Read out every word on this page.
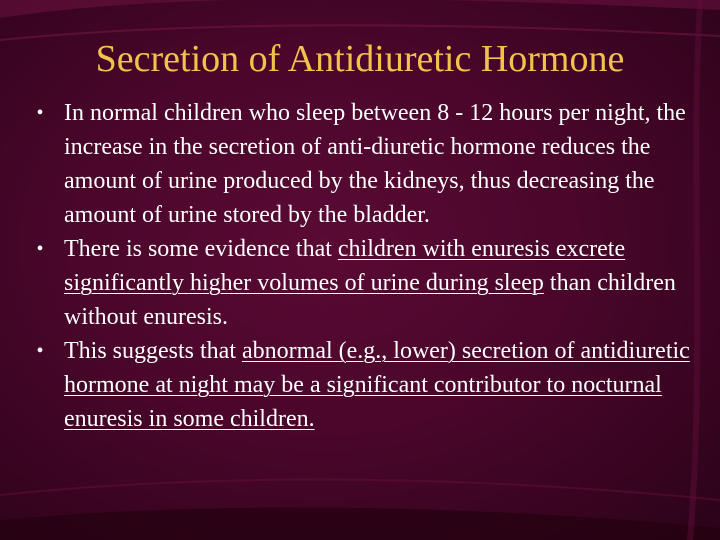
Secretion of Antidiuretic Hormone
• In normal children who sleep between 8 - 12 hours per night, the increase in the secretion of anti-diuretic hormone reduces the amount of urine produced by the kidneys, thus decreasing the amount of urine stored by the bladder.
• There is some evidence that children with enuresis excrete significantly higher volumes of urine during sleep than children without enuresis.
• This suggests that abnormal (e.g., lower) secretion of antidiuretic hormone at night may be a significant contributor to nocturnal enuresis in some children.
